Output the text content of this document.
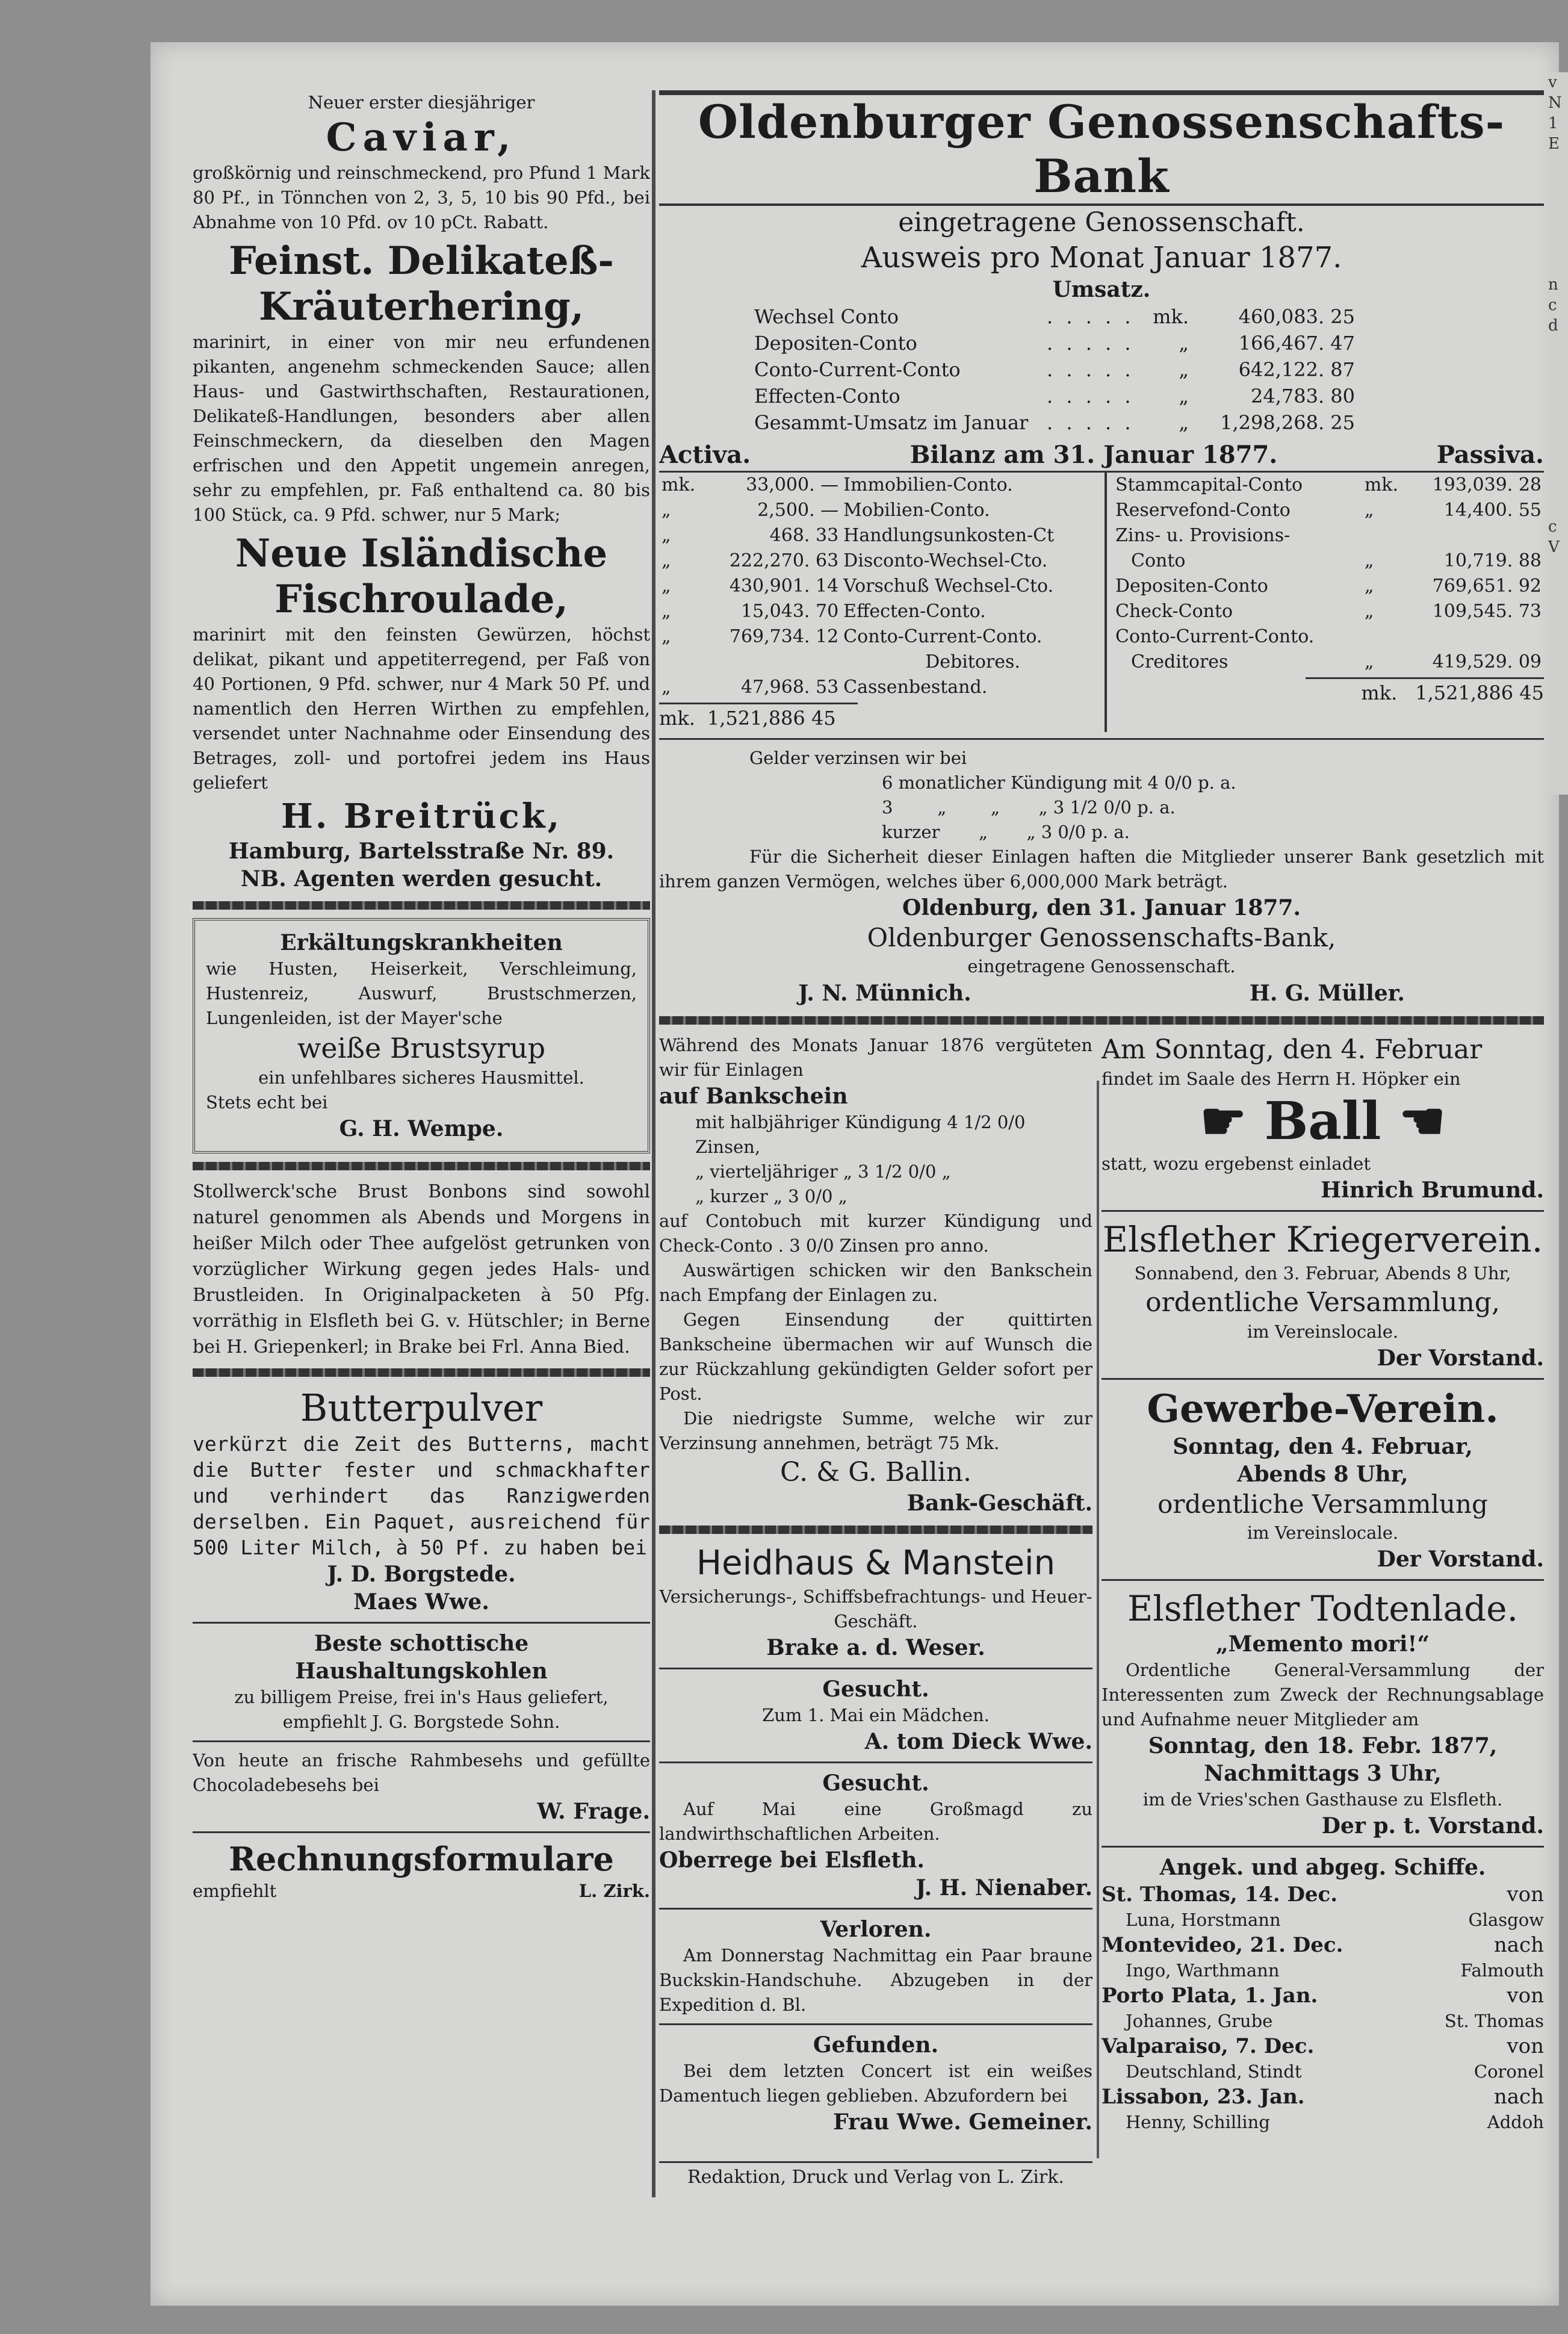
v
N
1
E
n
c
d
c
V

Neuer erster diesjähriger

Caviar,

großkörnig und reinschmeckend, pro Pfund 1 Mark 80 Pf., in Tönnchen von 2, 3, 5, 10 bis 90 Pfd., bei Abnahme von 10 Pfd. ov 10 pCt. Rabatt.

Feinst. Delikateß-

Kräuterhering,

marinirt, in einer von mir neu erfundenen pikanten, angenehm schmeckenden Sauce; allen Haus- und Gastwirthschaften, Restaurationen, Delikateß-Handlungen, besonders aber allen Feinschmeckern, da dieselben den Magen erfrischen und den Appetit ungemein anregen, sehr zu empfehlen, pr. Faß enthaltend ca. 80 bis 100 Stück, ca. 9 Pfd. schwer, nur 5 Mark;

Neue Isländische

Fischroulade,

marinirt mit den feinsten Gewürzen, höchst delikat, pikant und appetiterregend, per Faß von 40 Portionen, 9 Pfd. schwer, nur 4 Mark 50 Pf. und namentlich den Herren Wirthen zu empfehlen, versendet unter Nachnahme oder Einsendung des Betrages, zoll- und portofrei jedem ins Haus geliefert

H. Breitrück,

Hamburg, Bartelsstraße Nr. 89.

NB. Agenten werden gesucht.

Erkältungskrankheiten

wie Husten, Heiserkeit, Verschleimung, Hustenreiz, Auswurf, Brustschmerzen, Lungenleiden, ist der Mayer'sche

weiße Brustsyrup

ein unfehlbares sicheres Hausmittel.

Stets echt bei

G. H. Wempe.

Stollwerck'sche Brust Bonbons sind sowohl naturel genommen als Abends und Morgens in heißer Milch oder Thee aufgelöst getrunken von vorzüglicher Wirkung gegen jedes Hals- und Brustleiden. In Originalpacketen à 50 Pfg. vorräthig in Elsfleth bei G. v. Hütschler; in Berne bei H. Griepenkerl; in Brake bei Frl. Anna Bied.

Butterpulver

verkürzt die Zeit des Butterns, macht die Butter fester und schmackhafter und verhindert das Ranzigwerden derselben. Ein Paquet, ausreichend für 500 Liter Milch, à 50 Pf. zu haben bei

J. D. Borgstede.

Maes Wwe.

Beste schottische

Haushaltungskohlen

zu billigem Preise, frei in's Haus geliefert, empfiehlt J. G. Borgstede Sohn.

Von heute an frische Rahmbesehs und gefüllte Chocoladebesehs bei

W. Frage.

Rechnungsformulare

empfiehlt	L. Zirk.

Oldenburger Genossenschafts-Bank

eingetragene Genossenschaft.

Ausweis pro Monat Januar 1877.

Umsatz.

Wechsel Conto	. . . . .	mk.	460,083. 25
Depositen-Conto	. . . . .	„	166,467. 47
Conto-Current-Conto	. . . . .	„	642,122. 87
Effecten-Conto	. . . . .	„	24,783. 80
Gesammt-Umsatz im Januar	. . . . .	„	1,298,268. 25
Activa.	Bilanz am 31. Januar 1877.	Passiva.
mk.	33,000. —	Immobilien-Conto.
„	2,500. —	Mobilien-Conto.
„	468. 33	Handlungsunkosten-Ct
„	222,270. 63	Disconto-Wechsel-Cto.
„	430,901. 14	Vorschuß Wechsel-Cto.
„	15,043. 70	Effecten-Conto.
„	769,734. 12	Conto-Current-Conto.
		Debitores.
„	47,968. 53	Cassenbestand.
mk. 1,521,886 45
Stammcapital-Conto	mk.	193,039. 28
Reservefond-Conto	„	14,400. 55
Zins- u. Provisions-		
Conto	„	10,719. 88
Depositen-Conto	„	769,651. 92
Check-Conto	„	109,545. 73
Conto-Current-Conto.		
Creditores	„	419,529. 09
mk. 1,521,886 45

Gelder verzinsen wir bei

6 monatlicher Kündigung mit 4 0/0 p. a.

3        „        „       „ 3 1/2 0/0 p. a.

kurzer       „       „ 3 0/0 p. a.

Für die Sicherheit dieser Einlagen haften die Mitglieder unserer Bank gesetzlich mit ihrem ganzen Vermögen, welches über 6,000,000 Mark beträgt.

Oldenburg, den 31. Januar 1877.

Oldenburger Genossenschafts-Bank,

eingetragene Genossenschaft.

J. N. Münnich.	H. G. Müller.

Während des Monats Januar 1876 vergüteten wir für Einlagen

auf Bankschein

mit halbjähriger Kündigung 4 1/2 0/0 Zinsen,

„ vierteljähriger „ 3 1/2 0/0 „

„ kurzer „ 3 0/0 „

auf Contobuch mit kurzer Kündigung und Check-Conto . 3 0/0 Zinsen pro anno.

Auswärtigen schicken wir den Bankschein nach Empfang der Einlagen zu.

Gegen Einsendung der quittirten Bankscheine übermachen wir auf Wunsch die zur Rückzahlung gekündigten Gelder sofort per Post.

Die niedrigste Summe, welche wir zur Verzinsung annehmen, beträgt 75 Mk.

C. & G. Ballin.

Bank-Geschäft.

Heidhaus & Manstein

Versicherungs-, Schiffsbefrachtungs- und Heuer-Geschäft.

Brake a. d. Weser.

Gesucht.

Zum 1. Mai ein Mädchen.

A. tom Dieck Wwe.

Gesucht.

Auf Mai eine Großmagd zu landwirthschaftlichen Arbeiten.

Oberrege bei Elsfleth.

J. H. Nienaber.

Verloren.

Am Donnerstag Nachmittag ein Paar braune Buckskin-Handschuhe. Abzugeben in der Expedition d. Bl.

Gefunden.

Bei dem letzten Concert ist ein weißes Damentuch liegen geblieben. Abzufordern bei

Frau Wwe. Gemeiner.

Am Sonntag, den 4. Februar

findet im Saale des Herrn H. Höpker ein

☛ Ball ☚

statt, wozu ergebenst einladet

Hinrich Brumund.

Elsflether Kriegerverein.

Sonnabend, den 3. Februar, Abends 8 Uhr,

ordentliche Versammlung,

im Vereinslocale.

Der Vorstand.

Gewerbe-Verein.

Sonntag, den 4. Februar,

Abends 8 Uhr,

ordentliche Versammlung

im Vereinslocale.

Der Vorstand.

Elsflether Todtenlade.

„Memento mori!“

Ordentliche General-Versammlung der Interessenten zum Zweck der Rechnungsablage und Aufnahme neuer Mitglieder am

Sonntag, den 18. Febr. 1877,

Nachmittags 3 Uhr,

im de Vries'schen Gasthause zu Elsfleth.

Der p. t. Vorstand.

Angek. und abgeg. Schiffe.

St. Thomas, 14. Dec.	von
Luna, Horstmann	Glasgow
Montevideo, 21. Dec.	nach
Ingo, Warthmann	Falmouth
Porto Plata, 1. Jan.	von
Johannes, Grube	St. Thomas
Valparaiso, 7. Dec.	von
Deutschland, Stindt	Coronel
Lissabon, 23. Jan.	nach
Henny, Schilling	Addoh
Redaktion, Druck und Verlag von L. Zirk.
